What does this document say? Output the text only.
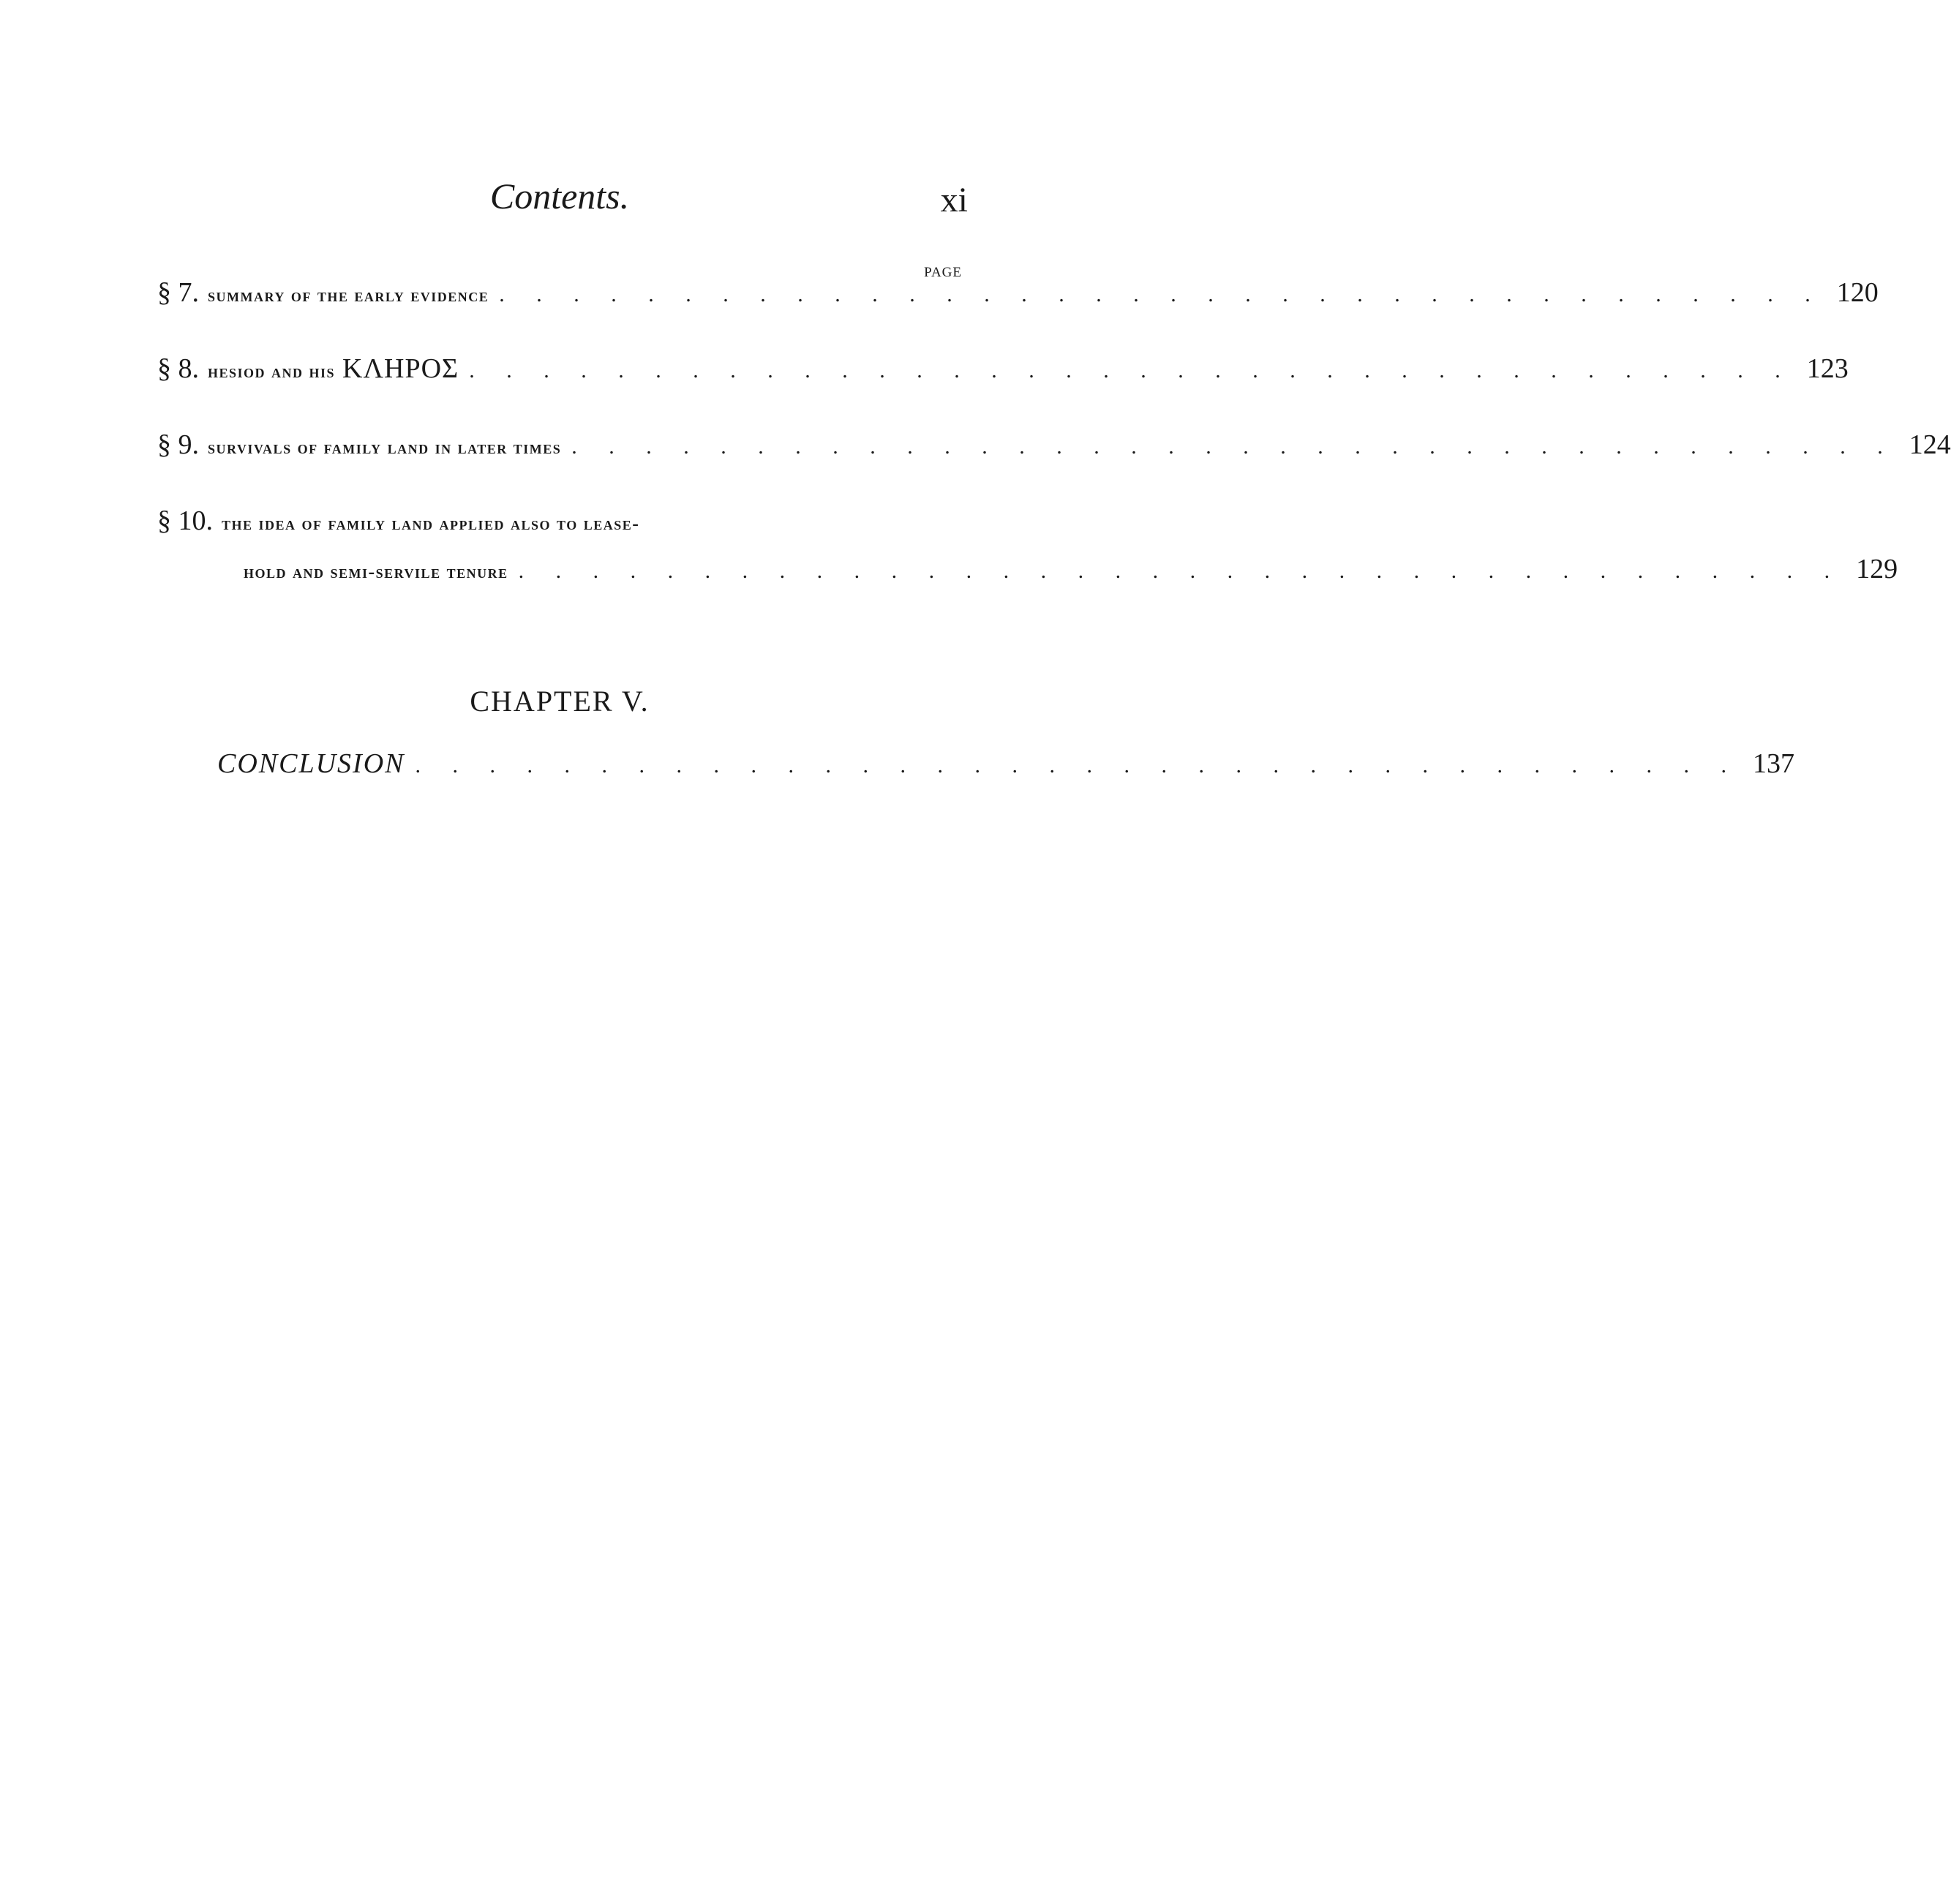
Contents.	xi
PAGE
§ 7. summary of the early evidence . . . . . . . . . . . . . . . . . . . . . . . . . . . . . . . . . . . . 120
§ 8. hesiod and his ΚΛΗΡΟΣ . . . . . . . . . . . . . . . . . . . . . . . . . . . . . . . . . . . . 123
§ 9. survivals of family land in later times . . . . . . . . . . . . . . . . . . . . . . . . . . . . . . . . . . . . 124
§ 10. the idea of family land applied also to lease-
hold and semi-servile tenure . . . . . . . . . . . . . . . . . . . . . . . . . . . . . . . . . . . . 129
CHAPTER V.
CONCLUSION . . . . . . . . . . . . . . . . . . . . . . . . . . . . . . . . . . . . 137
